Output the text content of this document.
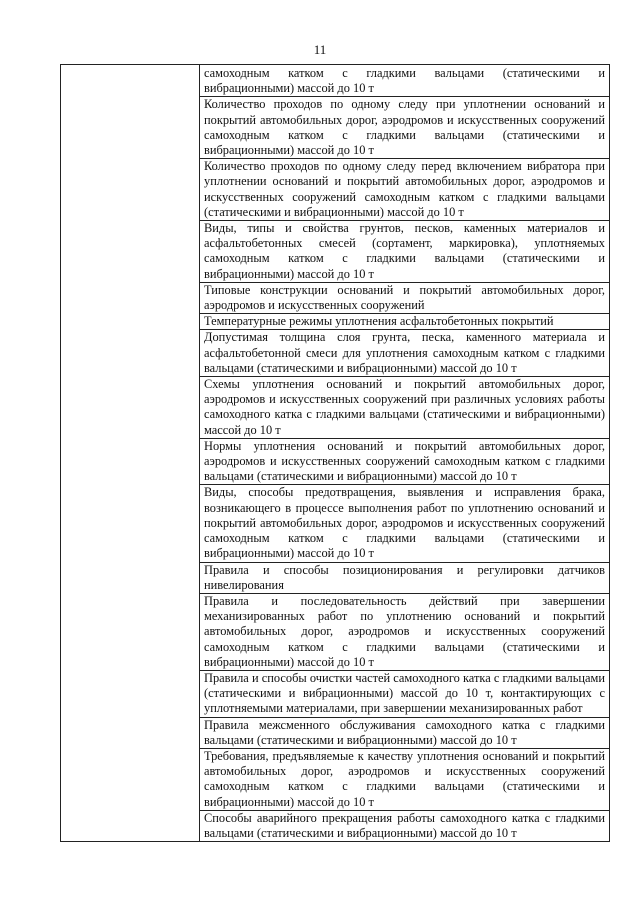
11

самоходным катком с гладкими вальцами (статическими и вибрационными) массой до 10 т
Количество проходов по одному следу при уплотнении оснований и покрытий автомобильных дорог, аэродромов и искусственных сооружений самоходным катком с гладкими вальцами (статическими и вибрационными) массой до 10 т
Количество проходов по одному следу перед включением вибратора при уплотнении оснований и покрытий автомобильных дорог, аэродромов и искусственных сооружений самоходным катком с гладкими вальцами (статическими и вибрационными) массой до 10 т
Виды, типы и свойства грунтов, песков, каменных материалов и асфальтобетонных смесей (сортамент, маркировка), уплотняемых самоходным катком с гладкими вальцами (статическими и вибрационными) массой до 10 т
Типовые конструкции оснований и покрытий автомобильных дорог, аэродромов и искусственных сооружений
Температурные режимы уплотнения асфальтобетонных покрытий
Допустимая толщина слоя грунта, песка, каменного материала и асфальтобетонной смеси для уплотнения самоходным катком с гладкими вальцами (статическими и вибрационными) массой до 10 т
Схемы уплотнения оснований и покрытий автомобильных дорог, аэродромов и искусственных сооружений при различных условиях работы самоходного катка с гладкими вальцами (статическими и вибрационными) массой до 10 т
Нормы уплотнения оснований и покрытий автомобильных дорог, аэродромов и искусственных сооружений самоходным катком с гладкими вальцами (статическими и вибрационными) массой до 10 т
Виды, способы предотвращения, выявления и исправления брака, возникающего в процессе выполнения работ по уплотнению оснований и покрытий автомобильных дорог, аэродромов и искусственных сооружений самоходным катком с гладкими вальцами (статическими и вибрационными) массой до 10 т
Правила и способы позиционирования и регулировки датчиков нивелирования
Правила и последовательность действий при завершении механизированных работ по уплотнению оснований и покрытий автомобильных дорог, аэродромов и искусственных сооружений самоходным катком с гладкими вальцами (статическими и вибрационными) массой до 10 т
Правила и способы очистки частей самоходного катка с гладкими вальцами (статическими и вибрационными) массой до 10 т, контактирующих с уплотняемыми материалами, при завершении механизированных работ
Правила межсменного обслуживания самоходного катка с гладкими вальцами (статическими и вибрационными) массой до 10 т
Требования, предъявляемые к качеству уплотнения оснований и покрытий автомобильных дорог, аэродромов и искусственных сооружений самоходным катком с гладкими вальцами (статическими и вибрационными) массой до 10 т
Способы аварийного прекращения работы самоходного катка с гладкими вальцами (статическими и вибрационными) массой до 10 т
